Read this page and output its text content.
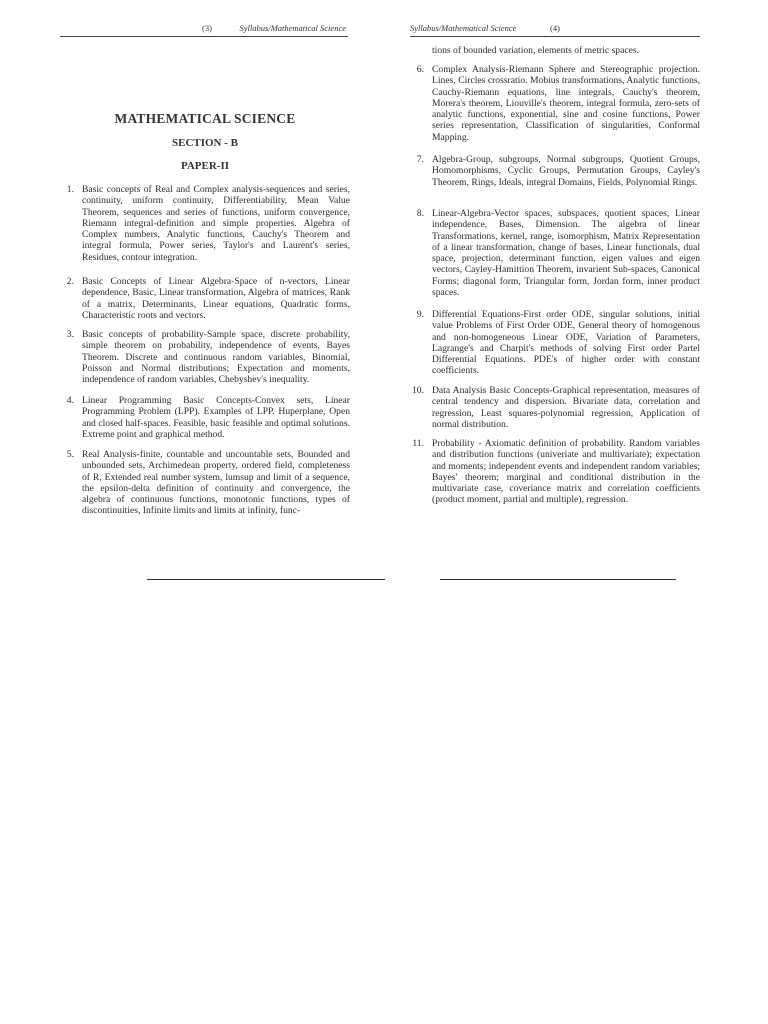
(3)	Syllabus/Mathematical Science	Syllabus/Mathematical Science	(4)
MATHEMATICAL SCIENCE
SECTION - B
PAPER-II
1. Basic concepts of Real and Complex analysis-sequences and series, continuity, uniform continuity, Differentiability, Mean Value Theorem, sequences and series of functions, uniform convergence, Riemann integral-definition and simple properties. Algebra of Complex numbers, Analytic functions, Cauchy's Theorem and integral formula, Power series, Taylor's and Laurent's series, Residues, contour integration.
2. Basic Concepts of Linear Algebra-Space of n-vectors, Linear dependence, Basic, Linear transformation, Algebra of matrices, Rank of a matrix, Determinants, Linear equations, Quadratic forms, Characteristic roots and vectors.
3. Basic concepts of probability-Sample space, discrete probability, simple theorem on probability, independence of events, Bayes Theorem. Discrete and continuous random variables, Binomial, Poisson and Normal distributions; Expectation and moments, independence of random variables, Chebyshev's inequality.
4. Linear Programming Basic Concepts-Convex sets, Linear Programming Problem (LPP). Examples of LPP. Huperplane, Open and closed half-spaces. Feasible, basic feasible and optimal solutions. Extreme point and graphical method.
5. Real Analysis-finite, countable and uncountable sets, Bounded and unbounded sets, Archimedean property, ordered field, completeness of R, Extended real number system, lumsup and limit of a sequence, the epsilon-delta definition of continuity and convergence, the algebra of continuous functions, monotonic functions, types of discontinuities, Infinite limits and limits at infinity, func-
tions of bounded variation, elements of metric spaces.
6. Complex Analysis-Riemann Sphere and Stereographic projection. Lines, Circles crossratio. Mobius transformations, Analytic functions, Cauchy-Riemann equations, line integrals, Cauchy's theorem, Morera's theorem, Liouville's theorem, integral formula, zero-sets of analytic functions, exponential, sine and cosine functions, Power series representation, Classification of singularities, Conformal Mapping.
7. Algebra-Group, subgroups, Normal subgroups, Quotient Groups, Homomorphisms, Cyclic Groups, Permutation Groups, Cayley's Theorem, Rings, Ideals, integral Domains, Fields, Polynomial Rings.
8. Linear-Algebra-Vector spaces, subspaces, quotient spaces, Linear independence, Bases, Dimension. The algebra of linear Transformations, kernel, range, isomorphism, Matrix Representation of a linear transformation, change of bases, Linear functionals, dual space, projection, determinant function, eigen values and eigen vectors, Cayley-Hamittion Theorem, invarient Sub-spaces, Canonical Forms; diagonal form, Triangular form, Jordan form, inner product spaces.
9. Differential Equations-First order ODE, singular solutions, initial value Problems of First Order ODE, General theory of homogenous and non-homogeneous Linear ODE, Variation of Parameters, Lagrange's and Charpit's methods of solving First order Partel Differential Equations. PDE's of higher order with constant coefficients.
10. Data Analysis Basic Concepts-Graphical representation, measures of central tendency and dispersion. Bivariate data, correlation and regression, Least squares-polynomial regression, Application of normal distribution.
11. Probability - Axiomatic definition of probability. Random variables and distribution functions (univeriate and multivariate); expectation and moments; independent events and independent random variables; Bayes' theorem; marginal and conditional distribution in the multivariate case, coveriance matrix and correlation coefficients (product moment, partial and multiple), regression.
